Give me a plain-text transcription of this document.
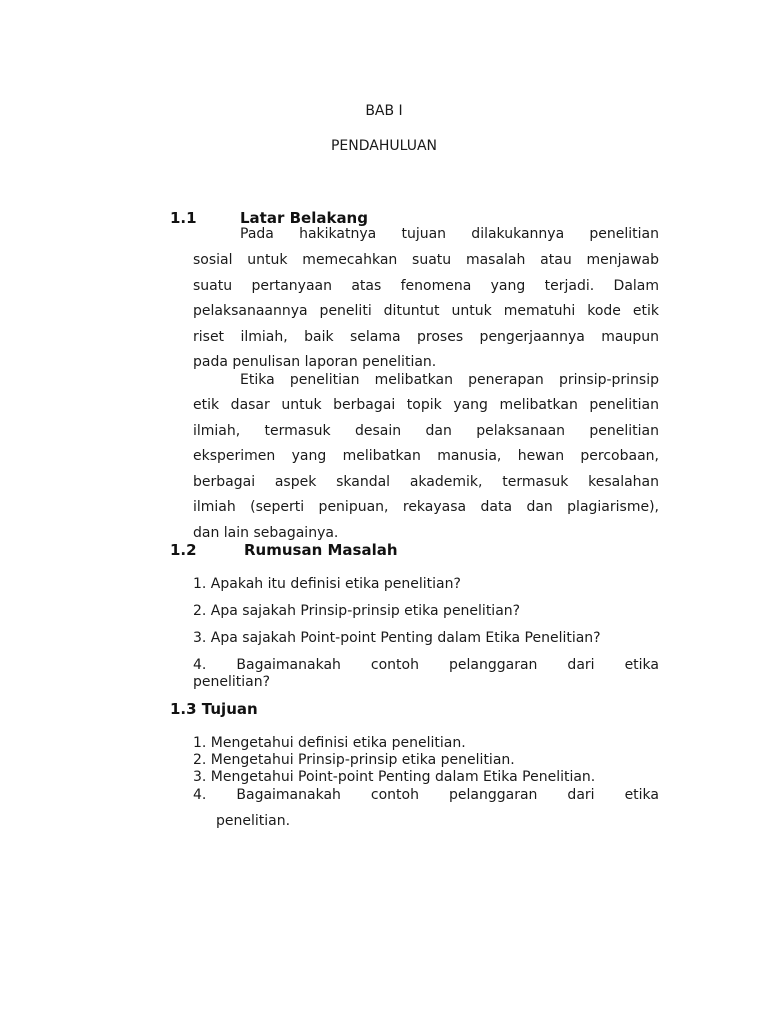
BAB I
PENDAHULUAN
1.1	Latar Belakang
Pada hakikatnya tujuan dilakukannya penelitian
sosial untuk memecahkan suatu masalah atau menjawab
suatu pertanyaan atas fenomena yang terjadi. Dalam
pelaksanaannya peneliti dituntut untuk mematuhi kode etik
riset ilmiah, baik selama proses pengerjaannya maupun
pada penulisan laporan penelitian.
Etika penelitian melibatkan penerapan prinsip-prinsip
etik dasar untuk berbagai topik yang melibatkan penelitian
ilmiah, termasuk desain dan pelaksanaan penelitian
eksperimen yang melibatkan manusia, hewan percobaan,
berbagai aspek skandal akademik, termasuk kesalahan
ilmiah (seperti penipuan, rekayasa data dan plagiarisme),
dan lain sebagainya.
1.2	Rumusan Masalah
1. Apakah itu definisi etika penelitian?
2. Apa sajakah Prinsip-prinsip etika penelitian?
3. Apa sajakah Point-point Penting dalam Etika Penelitian?
4. Bagaimanakah contoh pelanggaran dari etika
penelitian?
1.3 Tujuan
1. Mengetahui definisi etika penelitian.
2. Mengetahui Prinsip-prinsip etika penelitian.
3. Mengetahui Point-point Penting dalam Etika Penelitian.
4. Bagaimanakah contoh pelanggaran dari etika
penelitian.
